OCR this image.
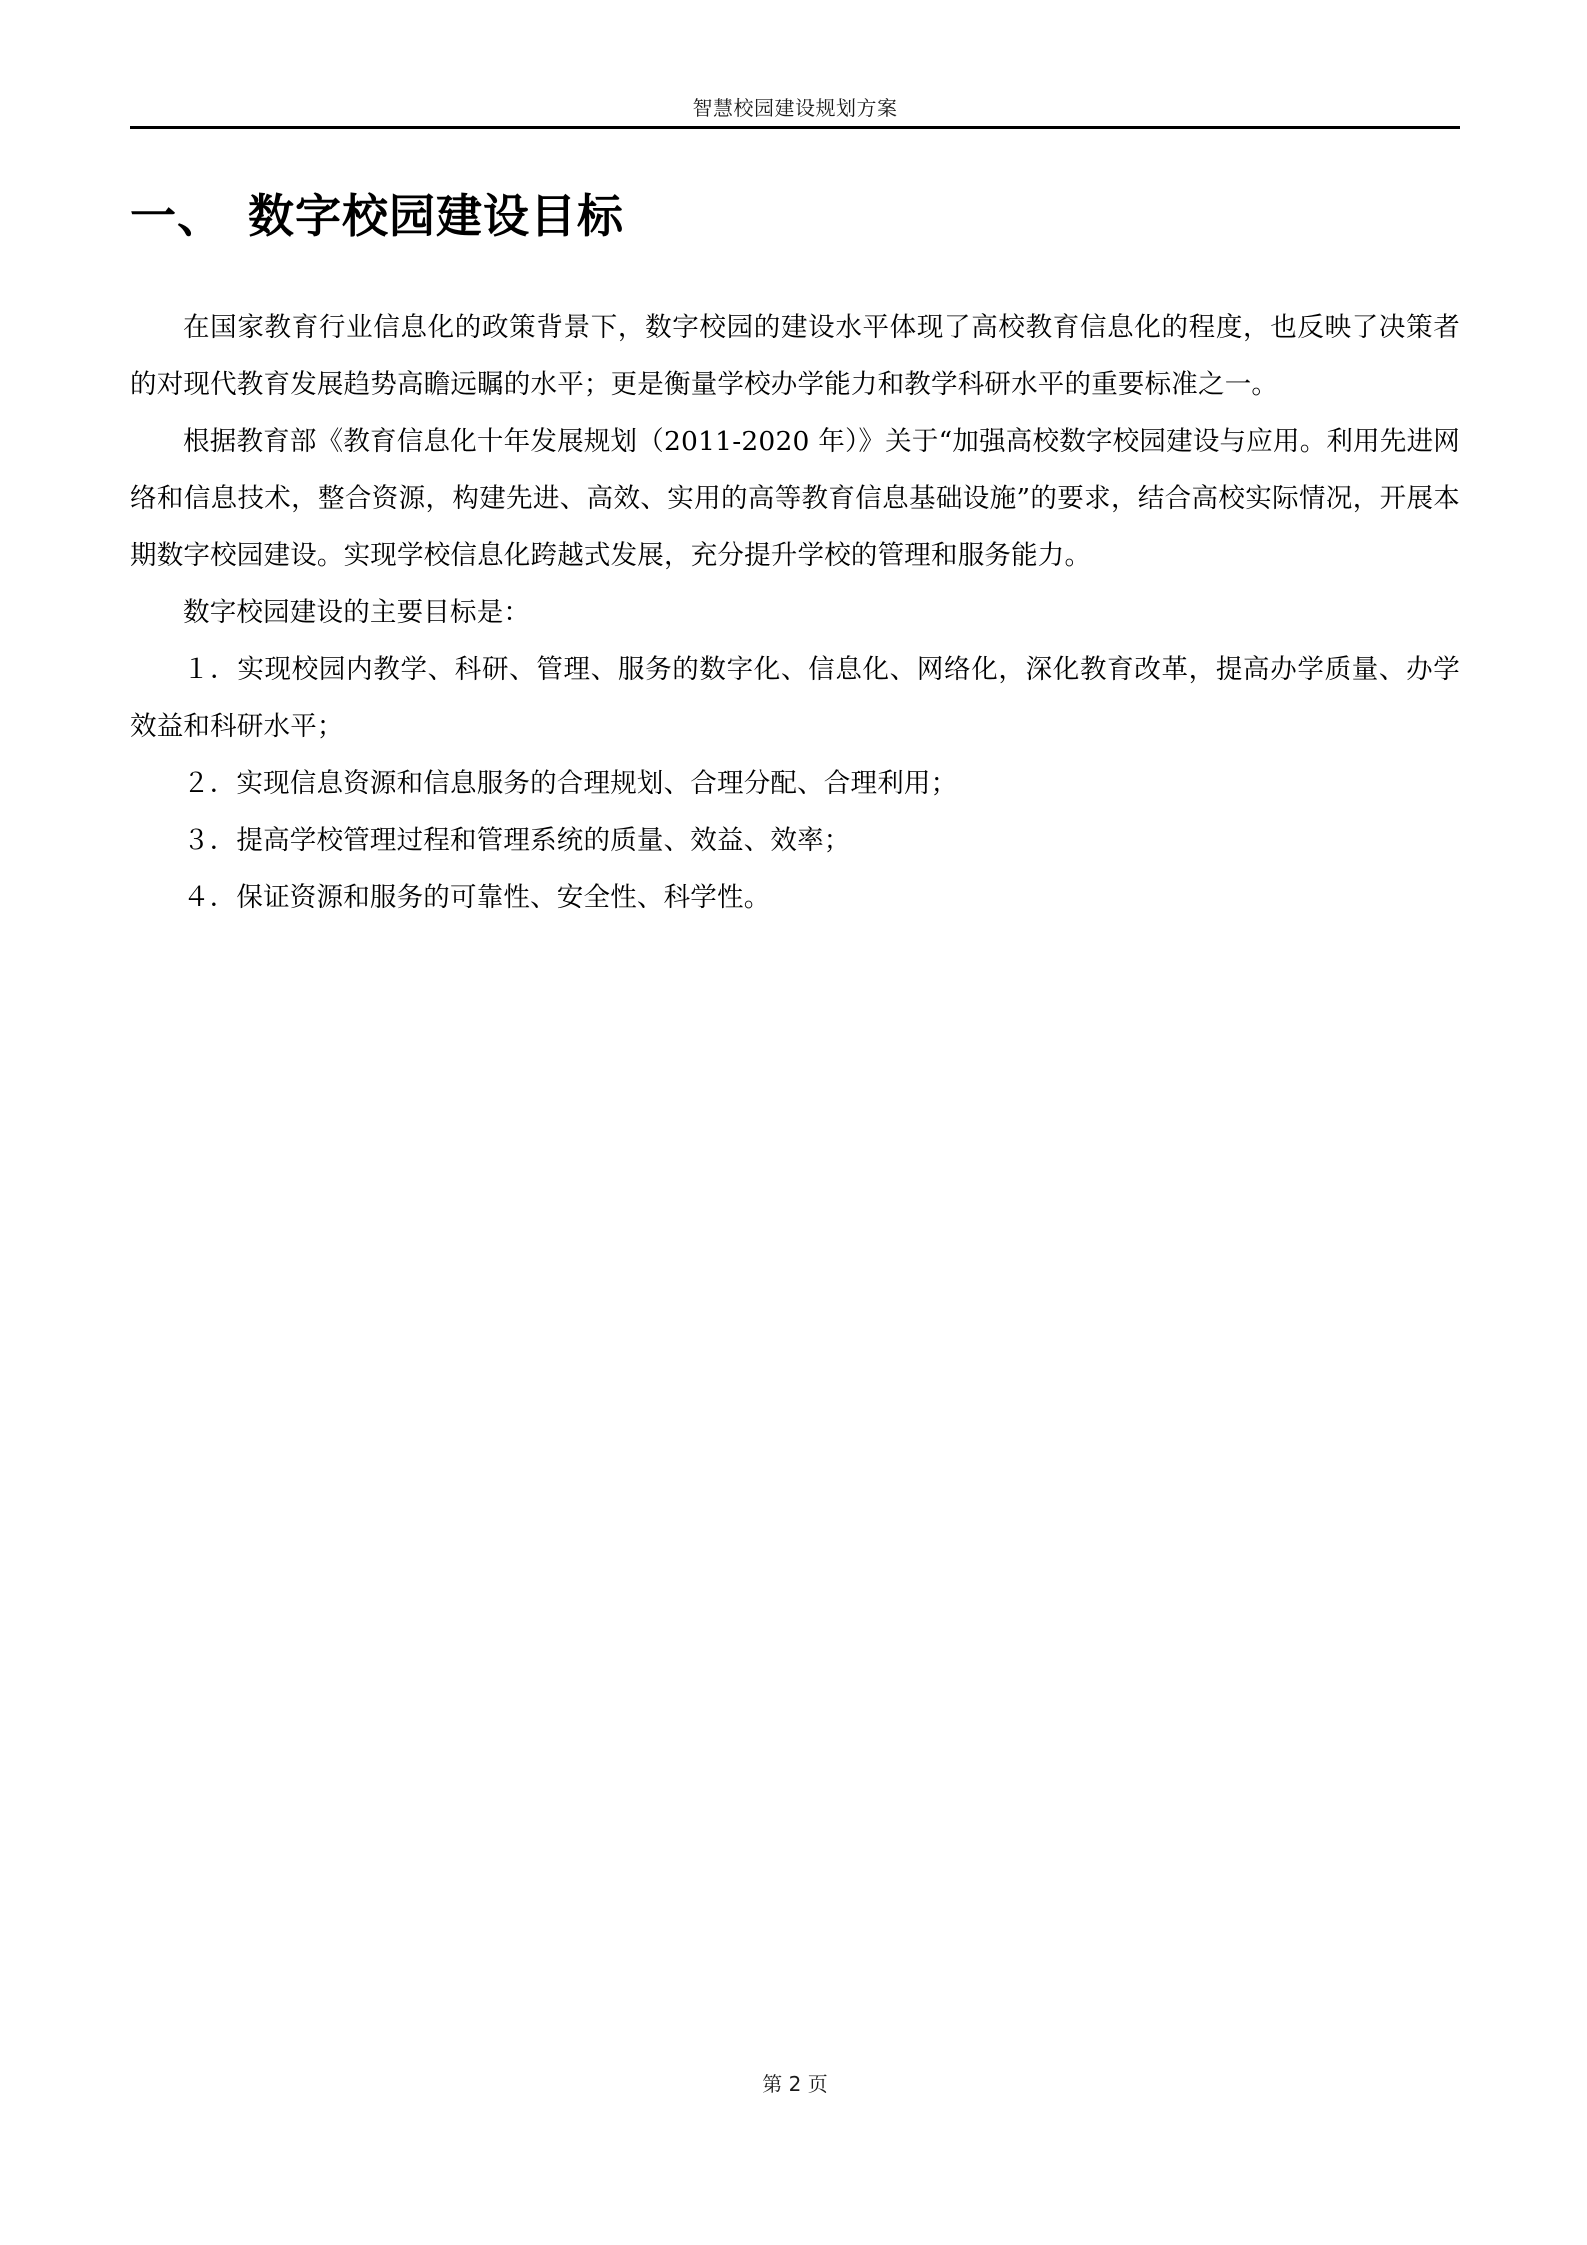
智慧校园建设规划方案
一、　数字校园建设目标

在国家教育行业信息化的政策背景下，数字校园的建设水平体现了高校教育信息化的程度，也反映了决策者的对现代教育发展趋势高瞻远瞩的水平；更是衡量学校办学能力和教学科研水平的重要标准之一。

根据教育部《教育信息化十年发展规划（2011-2020 年）》关于“加强高校数字校园建设与应用。利用先进网络和信息技术，整合资源，构建先进、高效、实用的高等教育信息基础设施”的要求，结合高校实际情况，开展本期数字校园建设。实现学校信息化跨越式发展，充分提升学校的管理和服务能力。

数字校园建设的主要目标是：

１．实现校园内教学、科研、管理、服务的数字化、信息化、网络化，深化教育改革，提高办学质量、办学效益和科研水平；

２．实现信息资源和信息服务的合理规划、合理分配、合理利用；

３．提高学校管理过程和管理系统的质量、效益、效率；

４．保证资源和服务的可靠性、安全性、科学性。

第 2 页
